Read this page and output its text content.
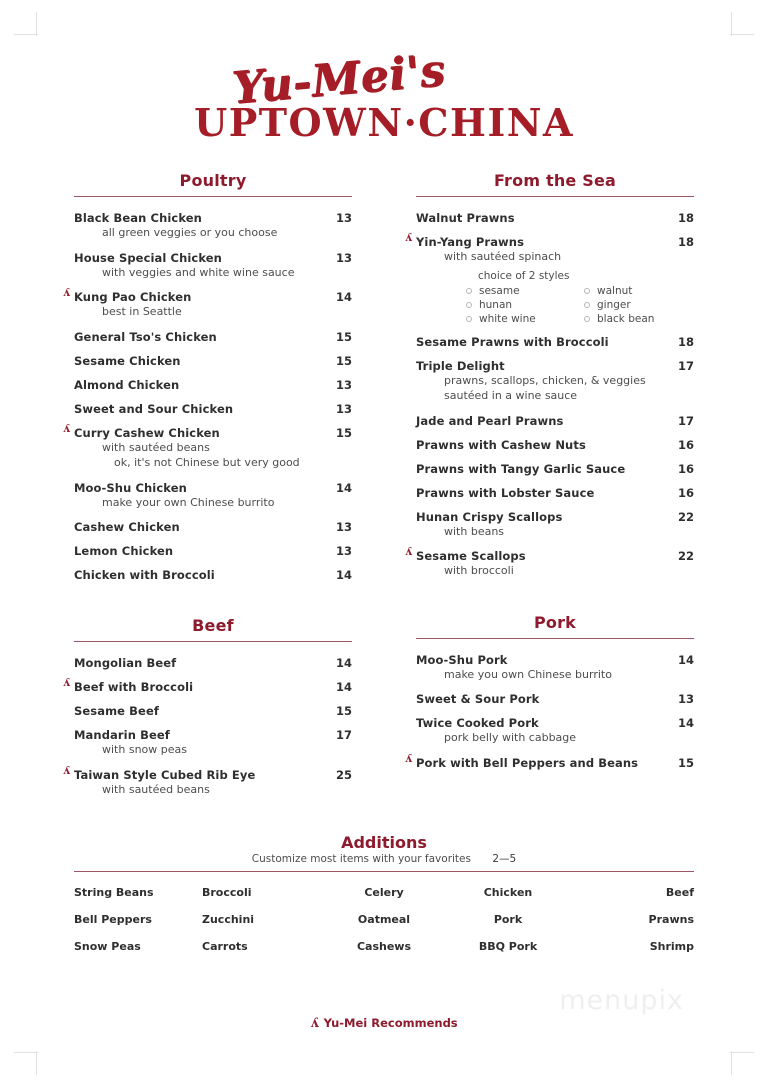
Yu-Mei's
UPTOWN·CHINA
Poultry
Black Bean Chicken	13
all green veggies or you choose
House Special Chicken	13
with veggies and white wine sauce
ʎ Kung Pao Chicken	14
best in Seattle
General Tso's Chicken	15
Sesame Chicken	15
Almond Chicken	13
Sweet and Sour Chicken	13
ʎ Curry Cashew Chicken	15
with sautéed beans
ok, it's not Chinese but very good
Moo-Shu Chicken	14
make your own Chinese burrito
Cashew Chicken	13
Lemon Chicken	13
Chicken with Broccoli	14
Beef
Mongolian Beef	14
ʎ Beef with Broccoli	14
Sesame Beef	15
Mandarin Beef	17
with snow peas
ʎ Taiwan Style Cubed Rib Eye	25
with sautéed beans
From the Sea
Walnut Prawns	18
ʎ Yin-Yang Prawns	18
with sautéed spinach
choice of 2 styles
sesame	walnut
hunan	ginger
white wine	black bean
Sesame Prawns with Broccoli	18
Triple Delight	17
prawns, scallops, chicken, & veggies
sautéed in a wine sauce
Jade and Pearl Prawns	17
Prawns with Cashew Nuts	16
Prawns with Tangy Garlic Sauce	16
Prawns with Lobster Sauce	16
Hunan Crispy Scallops	22
with beans
ʎ Sesame Scallops	22
with broccoli
Pork
Moo-Shu Pork	14
make you own Chinese burrito
Sweet & Sour Pork	13
Twice Cooked Pork	14
pork belly with cabbage
ʎ Pork with Bell Peppers and Beans	15
Additions
Customize most items with your favorites 2—5
String Beans	Broccoli	Celery	Chicken	Beef
Bell Peppers	Zucchini	Oatmeal	Pork	Prawns
Snow Peas	Carrots	Cashews	BBQ Pork	Shrimp
menupix
ʎ Yu-Mei Recommends
